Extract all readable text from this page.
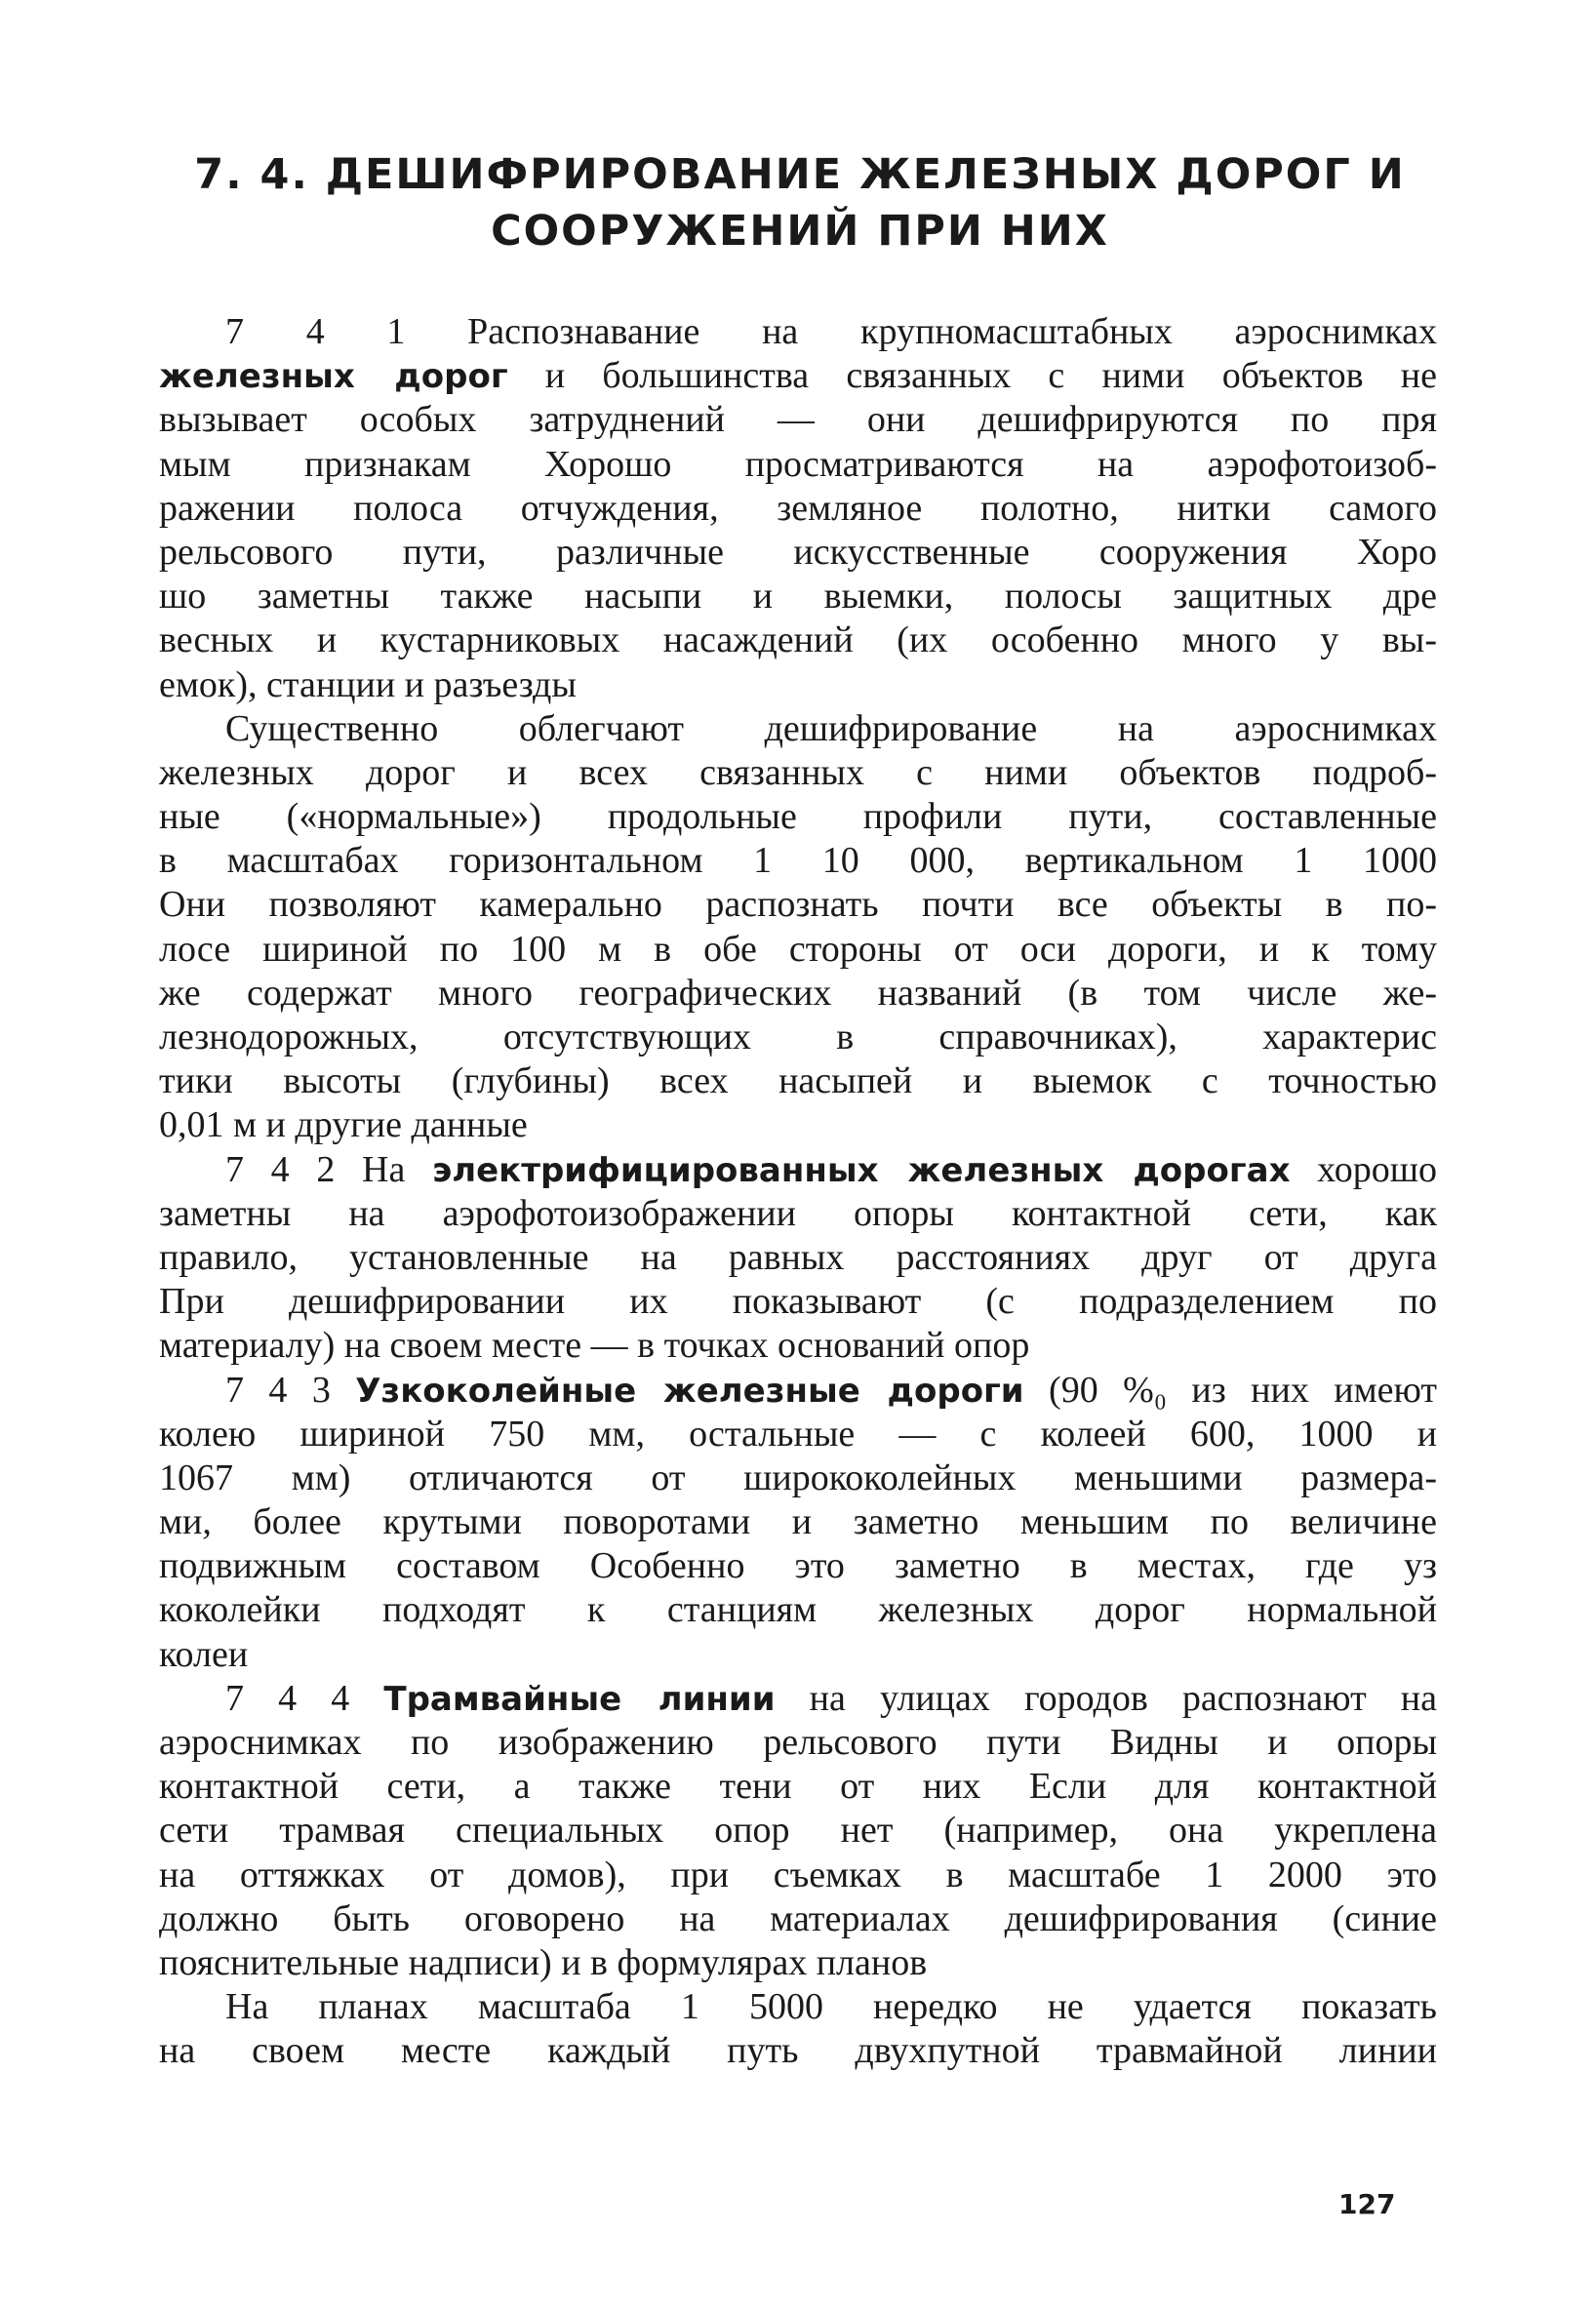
7. 4. ДЕШИФРИРОВАНИЕ ЖЕЛЕЗНЫХ ДОРОГ И
СООРУЖЕНИЙ ПРИ НИХ
7 4 1 Распознавание на крупномасштабных аэроснимках
железных дорог и большинства связанных с ними объектов не
вызывает особых затруднений — они дешифрируются по пря
мым признакам Хорошо просматриваются на аэрофотоизоб-
ражении полоса отчуждения, земляное полотно, нитки самого
рельсового пути, различные искусственные сооружения Хоро
шо заметны также насыпи и выемки, полосы защитных дре
весных и кустарниковых насаждений (их особенно много у вы-
емок), станции и разъезды
Существенно облегчают дешифрирование на аэроснимках
железных дорог и всех связанных с ними объектов подроб-
ные («нормальные») продольные профили пути, составленные
в масштабах горизонтальном 1 10 000, вертикальном 1 1000
Они позволяют камерально распознать почти все объекты в по-
лосе шириной по 100 м в обе стороны от оси дороги, и к тому
же содержат много географических названий (в том числе же-
лезнодорожных, отсутствующих в справочниках), характерис
тики высоты (глубины) всех насыпей и выемок с точностью
0,01 м и другие данные
7 4 2 На электрифицированных железных дорогах хорошо
заметны на аэрофотоизображении опоры контактной сети, как
правило, установленные на равных расстояниях друг от друга
При дешифрировании их показывают (с подразделением по
материалу) на своем месте — в точках оснований опор
7 4 3 Узкоколейные железные дороги (90 %₀ из них имеют
колею шириной 750 мм, остальные — с колеей 600, 1000 и
1067 мм) отличаются от ширококолейных меньшими размера-
ми, более крутыми поворотами и заметно меньшим по величине
подвижным составом Особенно это заметно в местах, где уз
коколейки подходят к станциям железных дорог нормальной
колеи
7 4 4 Трамвайные линии на улицах городов распознают на
аэроснимках по изображению рельсового пути Видны и опоры
контактной сети, а также тени от них Если для контактной
сети трамвая специальных опор нет (например, она укреплена
на оттяжках от домов), при съемках в масштабе 1 2000 это
должно быть оговорено на материалах дешифрирования (синие
пояснительные надписи) и в формулярах планов
На планах масштаба 1 5000 нередко не удается показать
на своем месте каждый путь двухпутной травмайной линии
127
